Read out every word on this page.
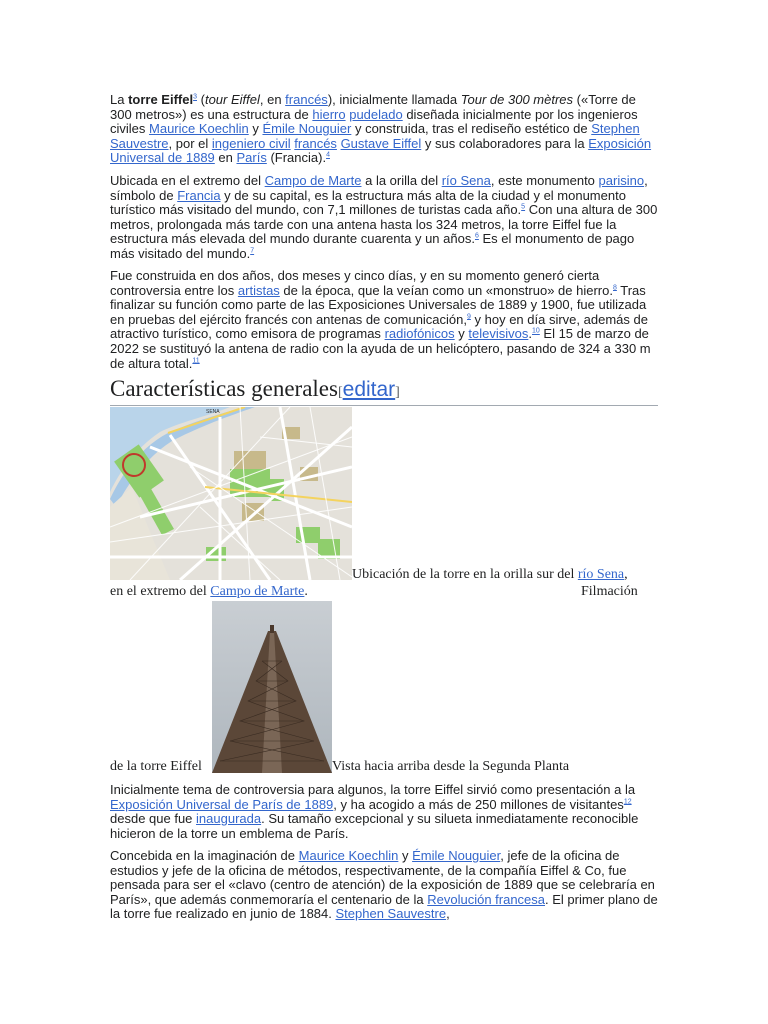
La torre Eiffel$^3$ (tour Eiffel, en francés), inicialmente llamada Tour de 300 mètres («Torre de 300 metros») es una estructura de hierro pudelado diseñada inicialmente por los ingenieros civiles Maurice Koechlin y Émile Nouguier y construida, tras el rediseño estético de Stephen Sauvestre, por el ingeniero civil francés Gustave Eiffel y sus colaboradores para la Exposición Universal de 1889 en París (Francia).$^4$

Ubicada en el extremo del Campo de Marte a la orilla del río Sena, este monumento parisino, símbolo de Francia y de su capital, es la estructura más alta de la ciudad y el monumento turístico más visitado del mundo, con 7,1 millones de turistas cada año.$^5$ Con una altura de 300 metros, prolongada más tarde con una antena hasta los 324 metros, la torre Eiffel fue la estructura más elevada del mundo durante cuarenta y un años.$^6$ Es el monumento de pago más visitado del mundo.$^7$

Fue construida en dos años, dos meses y cinco días, y en su momento generó cierta controversia entre los artistas de la época, que la veían como un «monstruo» de hierro.$^8$ Tras finalizar su función como parte de las Exposiciones Universales de 1889 y 1900, fue utilizada en pruebas del ejército francés con antenas de comunicación,$^9$ y hoy en día sirve, además de atractivo turístico, como emisora de programas radiofónicos y televisivos.$^{10}$ El 15 de marzo de 2022 se sustituyó la antena de radio con la ayuda de un helicóptero, pasando de 324 a 330 m de altura total.$^{11}$

Características generales[editar]
SENA
Ubicación de la torre en la orilla sur del río Sena,
en el extremo del Campo de Marte.	Filmación
de la torre Eiffel	Vista hacia arriba desde la Segunda Planta

Inicialmente tema de controversia para algunos, la torre Eiffel sirvió como presentación a la Exposición Universal de París de 1889, y ha acogido a más de 250 millones de visitantes$^{12}$ desde que fue inaugurada. Su tamaño excepcional y su silueta inmediatamente reconocible hicieron de la torre un emblema de París.

Concebida en la imaginación de Maurice Koechlin y Émile Nouguier, jefe de la oficina de estudios y jefe de la oficina de métodos, respectivamente, de la compañía Eiffel & Co, fue pensada para ser el «clavo (centro de atención) de la exposición de 1889 que se celebraría en París», que además conmemoraría el centenario de la Revolución francesa. El primer plano de la torre fue realizado en junio de 1884. Stephen Sauvestre,
